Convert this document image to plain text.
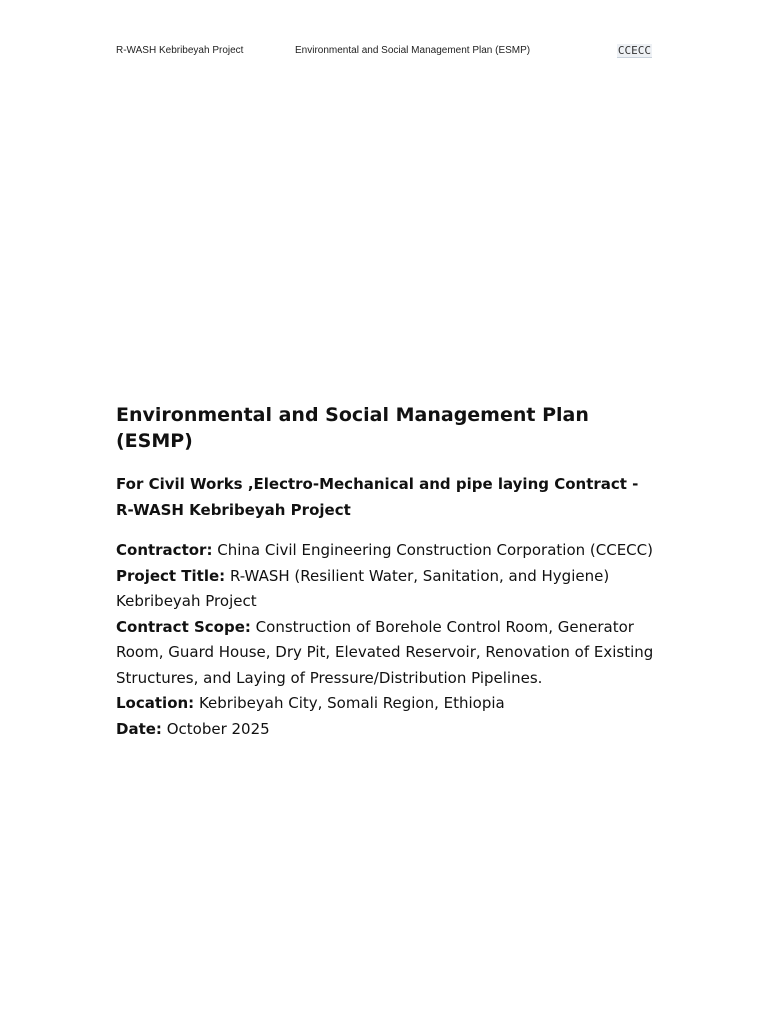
R-WASH Kebribeyah Project	Environmental and Social Management Plan (ESMP)	CCECC
Environmental and Social Management Plan (ESMP)
For Civil Works ,Electro-Mechanical and pipe laying Contract - R-WASH Kebribeyah Project

Contractor: China Civil Engineering Construction Corporation (CCECC)

Project Title: R-WASH (Resilient Water, Sanitation, and Hygiene) Kebribeyah Project

Contract Scope: Construction of Borehole Control Room, Generator Room, Guard House, Dry Pit, Elevated Reservoir, Renovation of Existing Structures, and Laying of Pressure/Distribution Pipelines.

Location: Kebribeyah City, Somali Region, Ethiopia

Date: October 2025
